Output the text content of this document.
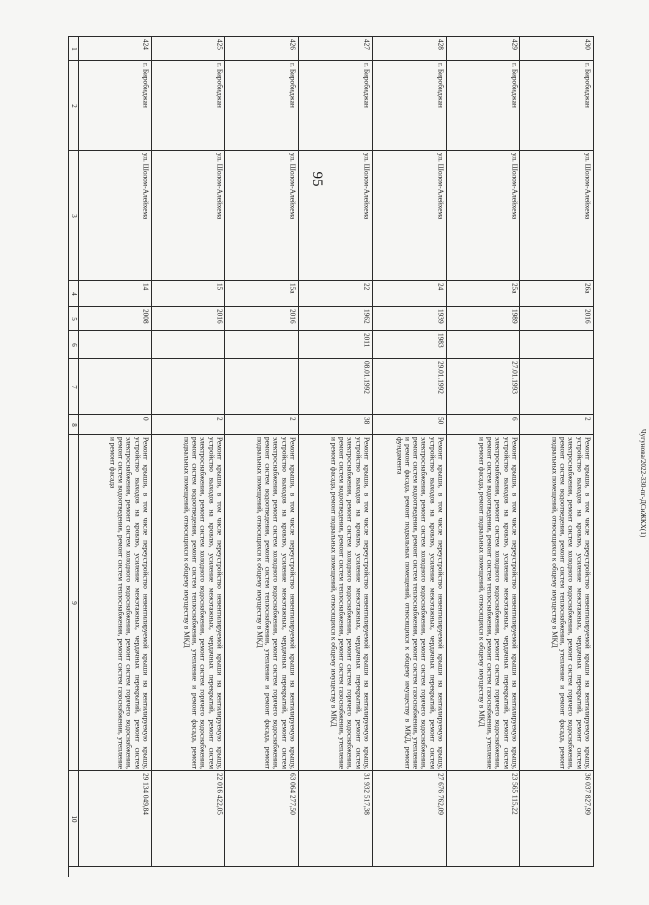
95
Чугунова/2022-330-пг-ДСиЖКХ(1)
1
2
3
4
5
6
7
8
9
10
424
г. Биробиджан
ул. Шолом-Алейхема
14
2008
0
Ремонт крыши, в том числе переустройство невентилируемой крыши на вентилируемую крышу, устройство выходов на кровлю, усиление межэтажных, чердачных перекрытий, ремонт систем электроснабжения, ремонт систем холодного водоснабжения, ремонт систем горячего водоснабжения, ремонт систем водоотведения, ремонт систем теплоснабжения, ремонт систем газоснабжения, утепление и ремонт фасада
29 134 049,84
425
г. Биробиджан
ул. Шолом-Алейхема
15
2016
2
Ремонт крыши, в том числе переустройство невентилируемой крыши на вентилируемую крышу, устройство выходов на кровлю, усиление межэтажных, чердачных перекрытий, ремонт систем электроснабжения, ремонт систем холодного водоснабжения, ремонт систем горячего водоснабжения, ремонт систем водоотведения, ремонт систем теплоснабжения, утепление и ремонт фасада, ремонт подвальных помещений, относящихся к общему имуществу в МКД
22 016 422,05
426
г. Биробиджан
ул. Шолом-Алейхема
15а
2016
2
Ремонт крыши, в том числе переустройство невентилируемой крыши на вентилируемую крышу, устройство выходов на кровлю, усиление межэтажных, чердачных перекрытий, ремонт систем электроснабжения, ремонт систем холодного водоснабжения, ремонт систем горячего водоснабжения, ремонт систем водоотведения, ремонт систем теплоснабжения, утепление и ремонт фасада, ремонт подвальных помещений, относящихся к общему имуществу в МКД
63 064 277,50
427
г. Биробиджан
ул. Шолом-Алейхема
22
1962
2011
08.01.1992
38
Ремонт крыши, в том числе переустройство невентилируемой крыши на вентилируемую крышу, устройство выходов на кровлю, усиление межэтажных, чердачных перекрытий, ремонт систем электроснабжения, ремонт систем холодного водоснабжения, ремонт систем горячего водоснабжения, ремонт систем водоотведения, ремонт систем теплоснабжения, ремонт систем газоснабжения, утепление и ремонт фасада, ремонт подвальных помещений, относящихся к общему имуществу в МКД
31 932 517,38
428
г. Биробиджан
ул. Шолом-Алейхема
24
1939
1983
29.01.1992
50
Ремонт крыши, в том числе переустройство невентилируемой крыши на вентилируемую крышу, устройство выходов на кровлю, усиление межэтажных, чердачных перекрытий, ремонт систем электроснабжения, ремонт систем холодного водоснабжения, ремонт систем горячего водоснабжения, ремонт систем водоотведения, ремонт систем теплоснабжения, ремонт систем газоснабжения, утепление и ремонт фасада, ремонт подвальных помещений, относящихся к общему имуществу в МКД, ремонт фундамента
27 676 762,09
429
г. Биробиджан
ул. Шолом-Алейхема
25а
1989
27.01.1993
6
Ремонт крыши, в том числе переустройство невентилируемой крыши на вентилируемую крышу, устройство выходов на кровлю, усиление межэтажных, чердачных перекрытий, ремонт систем электроснабжения, ремонт систем холодного водоснабжения, ремонт систем горячего водоснабжения, ремонт систем водоотведения, ремонт систем теплоснабжения, ремонт систем газоснабжения, утепление и ремонт фасада, ремонт подвальных помещений, относящихся к общему имуществу в МКД
23 565 115,22
430
г. Биробиджан
ул. Шолом-Алейхема
26а
2016
2
Ремонт крыши, в том числе переустройство невентилируемой крыши на вентилируемую крышу, устройство выходов на кровлю, усиление межэтажных, чердачных перекрытий, ремонт систем электроснабжения, ремонт систем холодного водоснабжения, ремонт систем горячего водоснабжения, ремонт систем водоотведения, ремонт систем теплоснабжения, утепление и ремонт фасада, ремонт подвальных помещений, относящихся к общему имуществу в МКД
36 037 827,99
